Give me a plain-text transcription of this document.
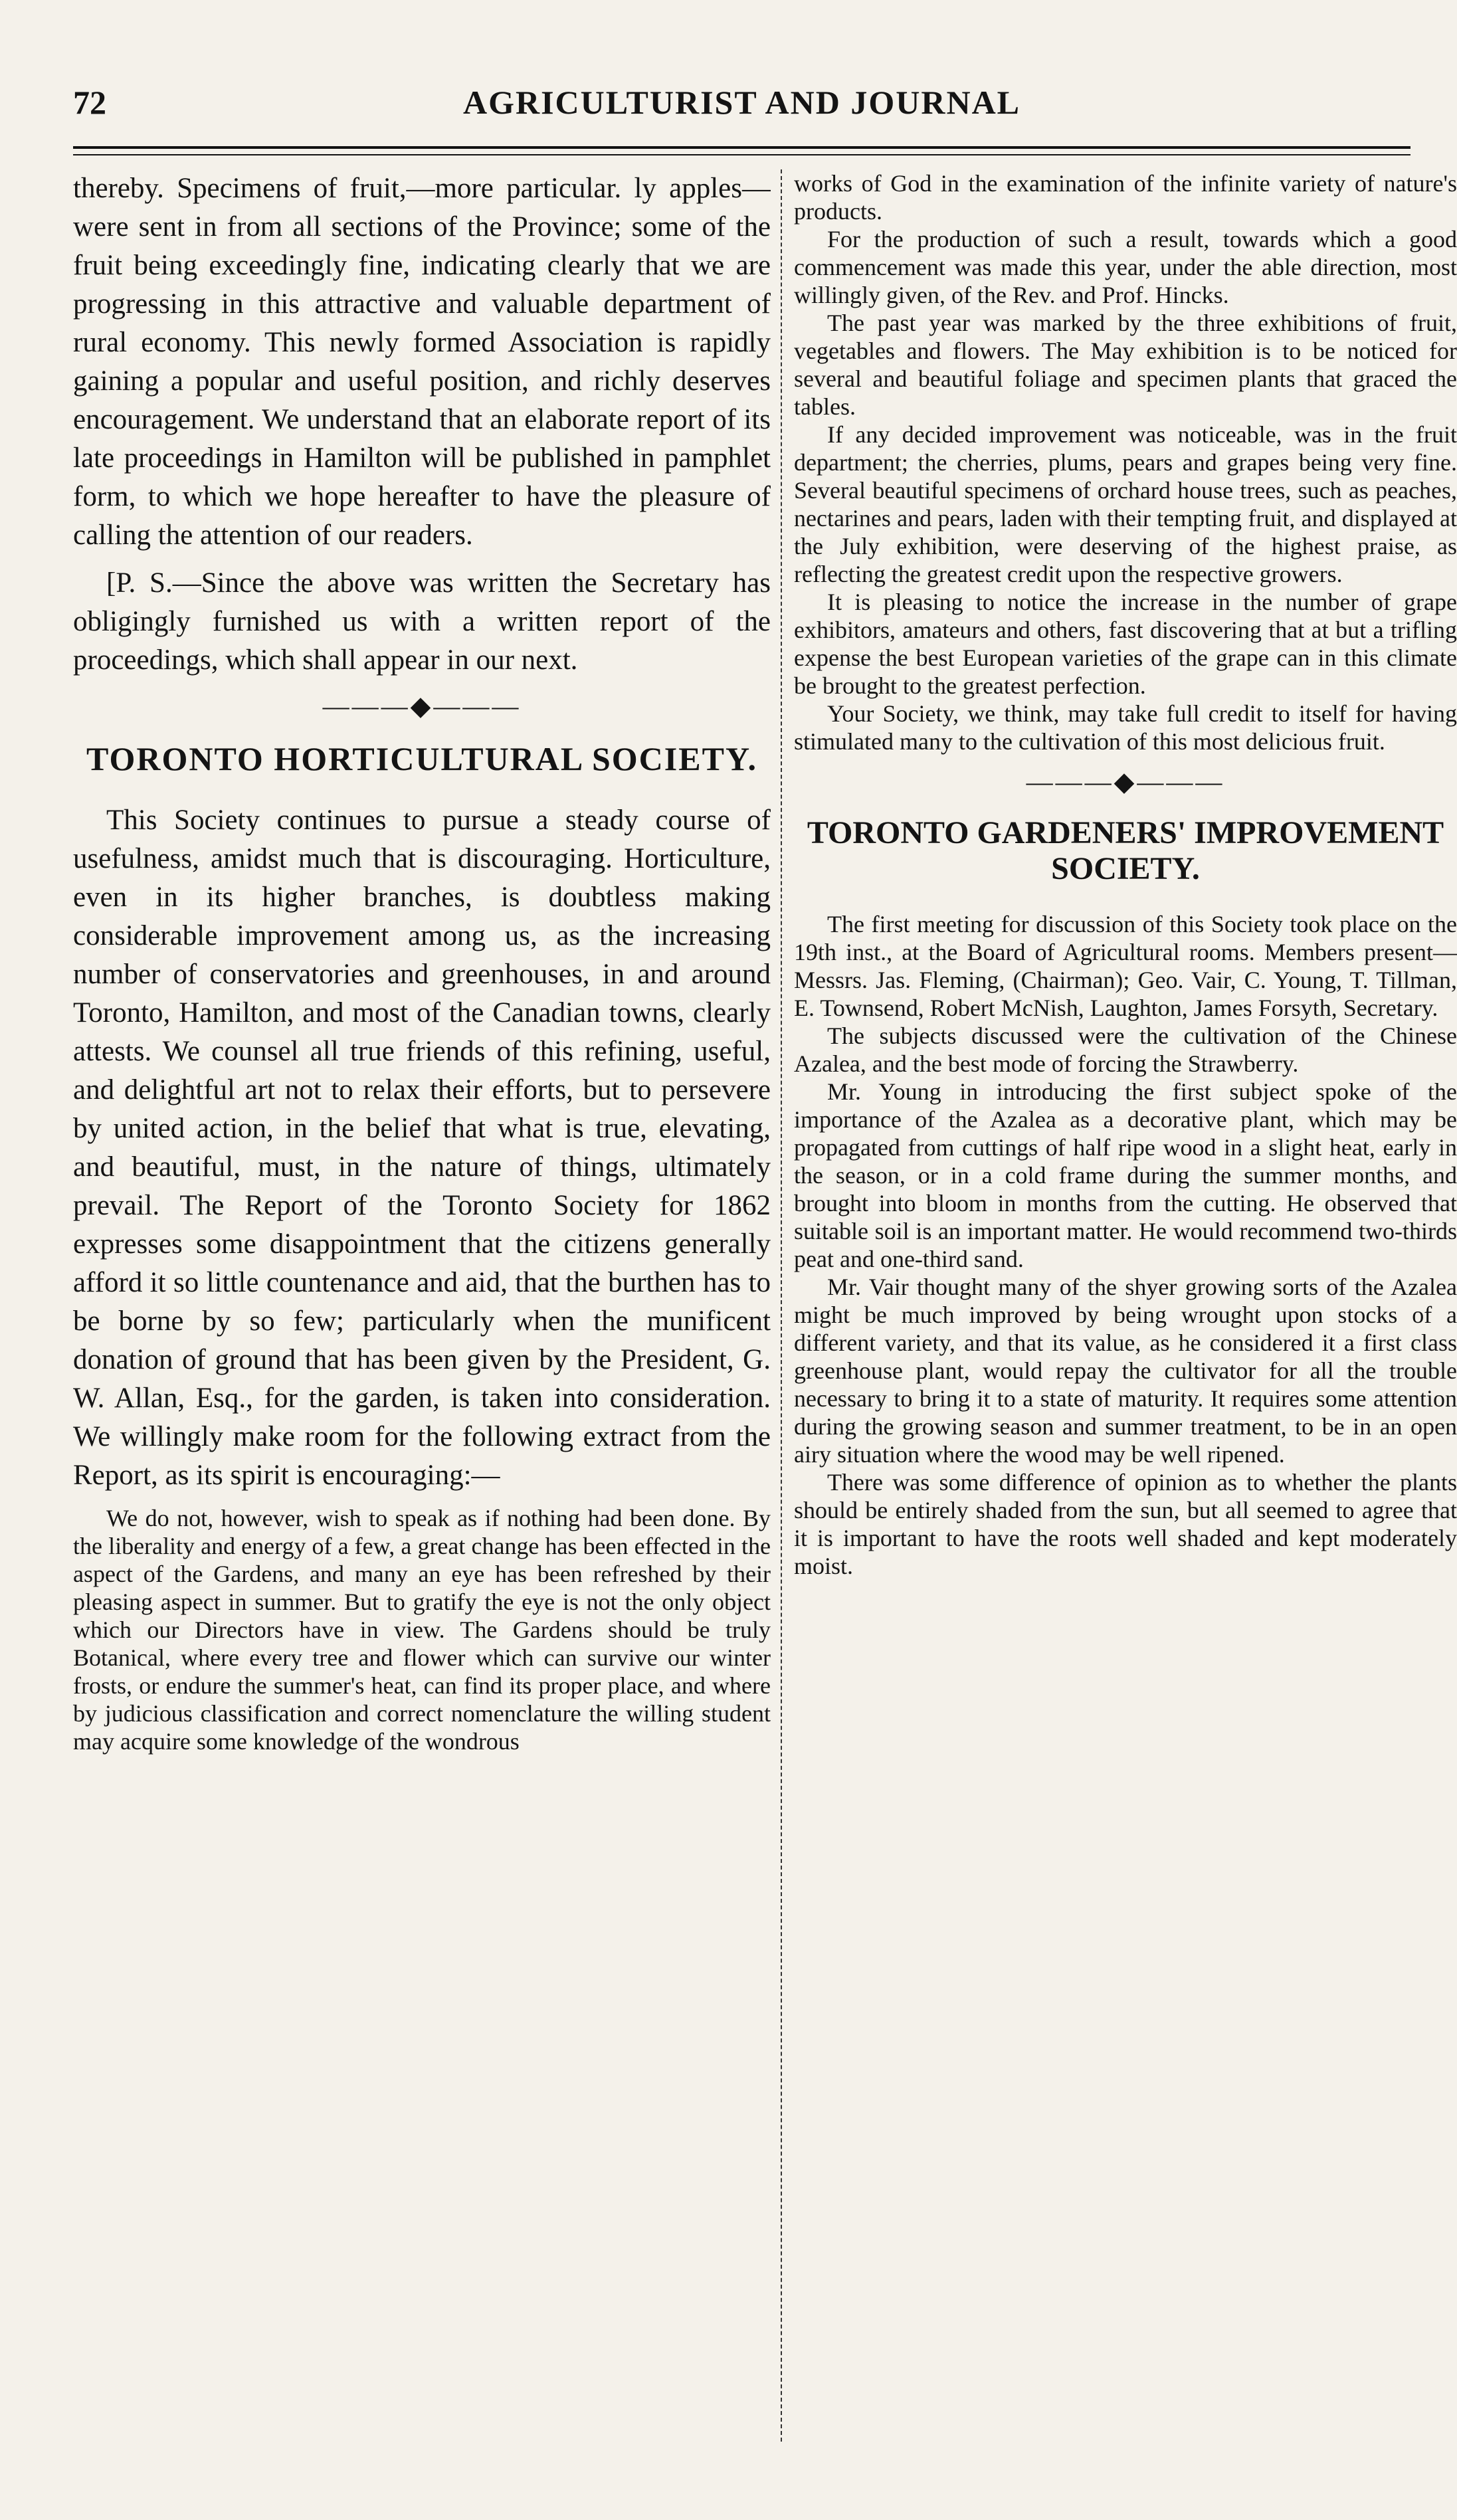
72	AGRICULTURIST AND JOURNAL

thereby. Specimens of fruit,—more particular. ly apples—were sent in from all sections of the Province; some of the fruit being exceedingly fine, indicating clearly that we are progressing in this attractive and valuable department of rural economy. This newly formed Association is rapidly gaining a popular and useful position, and richly deserves encouragement. We understand that an elaborate report of its late proceedings in Hamilton will be published in pamphlet form, to which we hope hereafter to have the pleasure of calling the attention of our readers.

[P. S.—Since the above was written the Secretary has obligingly furnished us with a written report of the proceedings, which shall appear in our next.

———◆———
TORONTO HORTICULTURAL SOCIETY.

This Society continues to pursue a steady course of usefulness, amidst much that is discouraging. Horticulture, even in its higher branches, is doubtless making considerable improvement among us, as the increasing number of conservatories and greenhouses, in and around Toronto, Hamilton, and most of the Canadian towns, clearly attests. We counsel all true friends of this refining, useful, and delightful art not to relax their efforts, but to persevere by united action, in the belief that what is true, elevating, and beautiful, must, in the nature of things, ultimately prevail. The Report of the Toronto Society for 1862 expresses some disappointment that the citizens generally afford it so little countenance and aid, that the burthen has to be borne by so few; particularly when the munificent donation of ground that has been given by the President, G. W. Allan, Esq., for the garden, is taken into consideration. We willingly make room for the following extract from the Report, as its spirit is encouraging:—

We do not, however, wish to speak as if nothing had been done. By the liberality and energy of a few, a great change has been effected in the aspect of the Gardens, and many an eye has been refreshed by their pleasing aspect in summer. But to gratify the eye is not the only object which our Directors have in view. The Gardens should be truly Botanical, where every tree and flower which can survive our winter frosts, or endure the summer's heat, can find its proper place, and where by judicious classification and correct nomenclature the willing student may acquire some knowledge of the wondrous

works of God in the examination of the infinite variety of nature's products.

For the production of such a result, towards which a good commencement was made this year, under the able direction, most willingly given, of the Rev. and Prof. Hincks.

The past year was marked by the three exhibitions of fruit, vegetables and flowers. The May exhibition is to be noticed for several and beautiful foliage and specimen plants that graced the tables.

If any decided improvement was noticeable, was in the fruit department; the cherries, plums, pears and grapes being very fine. Several beautiful specimens of orchard house trees, such as peaches, nectarines and pears, laden with their tempting fruit, and displayed at the July exhibition, were deserving of the highest praise, as reflecting the greatest credit upon the respective growers.

It is pleasing to notice the increase in the number of grape exhibitors, amateurs and others, fast discovering that at but a trifling expense the best European varieties of the grape can in this climate be brought to the greatest perfection.

Your Society, we think, may take full credit to itself for having stimulated many to the cultivation of this most delicious fruit.

———◆———
TORONTO GARDENERS' IMPROVEMENT SOCIETY.

The first meeting for discussion of this Society took place on the 19th inst., at the Board of Agricultural rooms. Members present—Messrs. Jas. Fleming, (Chairman); Geo. Vair, C. Young, T. Tillman, E. Townsend, Robert McNish, Laughton, James Forsyth, Secretary.

The subjects discussed were the cultivation of the Chinese Azalea, and the best mode of forcing the Strawberry.

Mr. Young in introducing the first subject spoke of the importance of the Azalea as a decorative plant, which may be propagated from cuttings of half ripe wood in a slight heat, early in the season, or in a cold frame during the summer months, and brought into bloom in months from the cutting. He observed that suitable soil is an important matter. He would recommend two-thirds peat and one-third sand.

Mr. Vair thought many of the shyer growing sorts of the Azalea might be much improved by being wrought upon stocks of a different variety, and that its value, as he considered it a first class greenhouse plant, would repay the cultivator for all the trouble necessary to bring it to a state of maturity. It requires some attention during the growing season and summer treatment, to be in an open airy situation where the wood may be well ripened.

There was some difference of opinion as to whether the plants should be entirely shaded from the sun, but all seemed to agree that it is important to have the roots well shaded and kept moderately moist.
